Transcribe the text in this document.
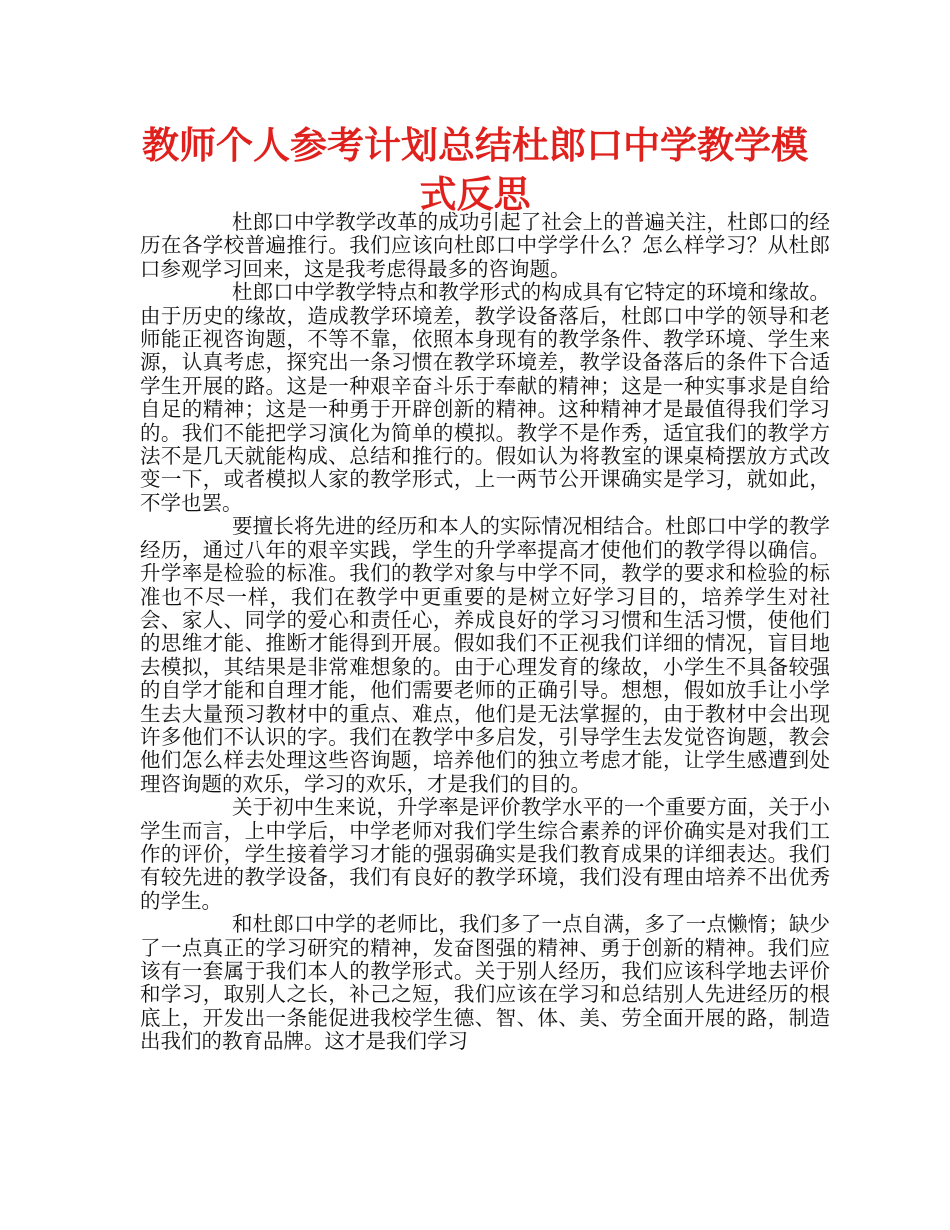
教师个人参考计划总结杜郎口中学教学模式反思

杜郎口中学教学改革的成功引起了社会上的普遍关注，杜郎口的经历在各学校普遍推行。我们应该向杜郎口中学学什么？怎么样学习？从杜郎口参观学习回来，这是我考虑得最多的咨询题。

杜郎口中学教学特点和教学形式的构成具有它特定的环境和缘故。由于历史的缘故，造成教学环境差，教学设备落后，杜郎口中学的领导和老师能正视咨询题，不等不靠，依照本身现有的教学条件、教学环境、学生来源，认真考虑，探究出一条习惯在教学环境差，教学设备落后的条件下合适学生开展的路。这是一种艰辛奋斗乐于奉献的精神；这是一种实事求是自给自足的精神；这是一种勇于开辟创新的精神。这种精神才是最值得我们学习的。我们不能把学习演化为简单的模拟。教学不是作秀，适宜我们的教学方法不是几天就能构成、总结和推行的。假如认为将教室的课桌椅摆放方式改变一下，或者模拟人家的教学形式，上一两节公开课确实是学习，就如此，不学也罢。

要擅长将先进的经历和本人的实际情况相结合。杜郎口中学的教学经历，通过八年的艰辛实践，学生的升学率提高才使他们的教学得以确信。升学率是检验的标准。我们的教学对象与中学不同，教学的要求和检验的标准也不尽一样，我们在教学中更重要的是树立好学习目的，培养学生对社会、家人、同学的爱心和责任心，养成良好的学习习惯和生活习惯，使他们的思维才能、推断才能得到开展。假如我们不正视我们详细的情况，盲目地去模拟，其结果是非常难想象的。由于心理发育的缘故，小学生不具备较强的自学才能和自理才能，他们需要老师的正确引导。想想，假如放手让小学生去大量预习教材中的重点、难点，他们是无法掌握的，由于教材中会出现许多他们不认识的字。我们在教学中多启发，引导学生去发觉咨询题，教会他们怎么样去处理这些咨询题，培养他们的独立考虑才能，让学生感遭到处理咨询题的欢乐，学习的欢乐，才是我们的目的。

关于初中生来说，升学率是评价教学水平的一个重要方面，关于小学生而言，上中学后，中学老师对我们学生综合素养的评价确实是对我们工作的评价，学生接着学习才能的强弱确实是我们教育成果的详细表达。我们有较先进的教学设备，我们有良好的教学环境，我们没有理由培养不出优秀的学生。

和杜郎口中学的老师比，我们多了一点自满，多了一点懒惰；缺少了一点真正的学习研究的精神，发奋图强的精神、勇于创新的精神。我们应该有一套属于我们本人的教学形式。关于别人经历，我们应该科学地去评价和学习，取别人之长，补己之短，我们应该在学习和总结别人先进经历的根底上，开发出一条能促进我校学生德、智、体、美、劳全面开展的路，制造出我们的教育品牌。这才是我们学习
